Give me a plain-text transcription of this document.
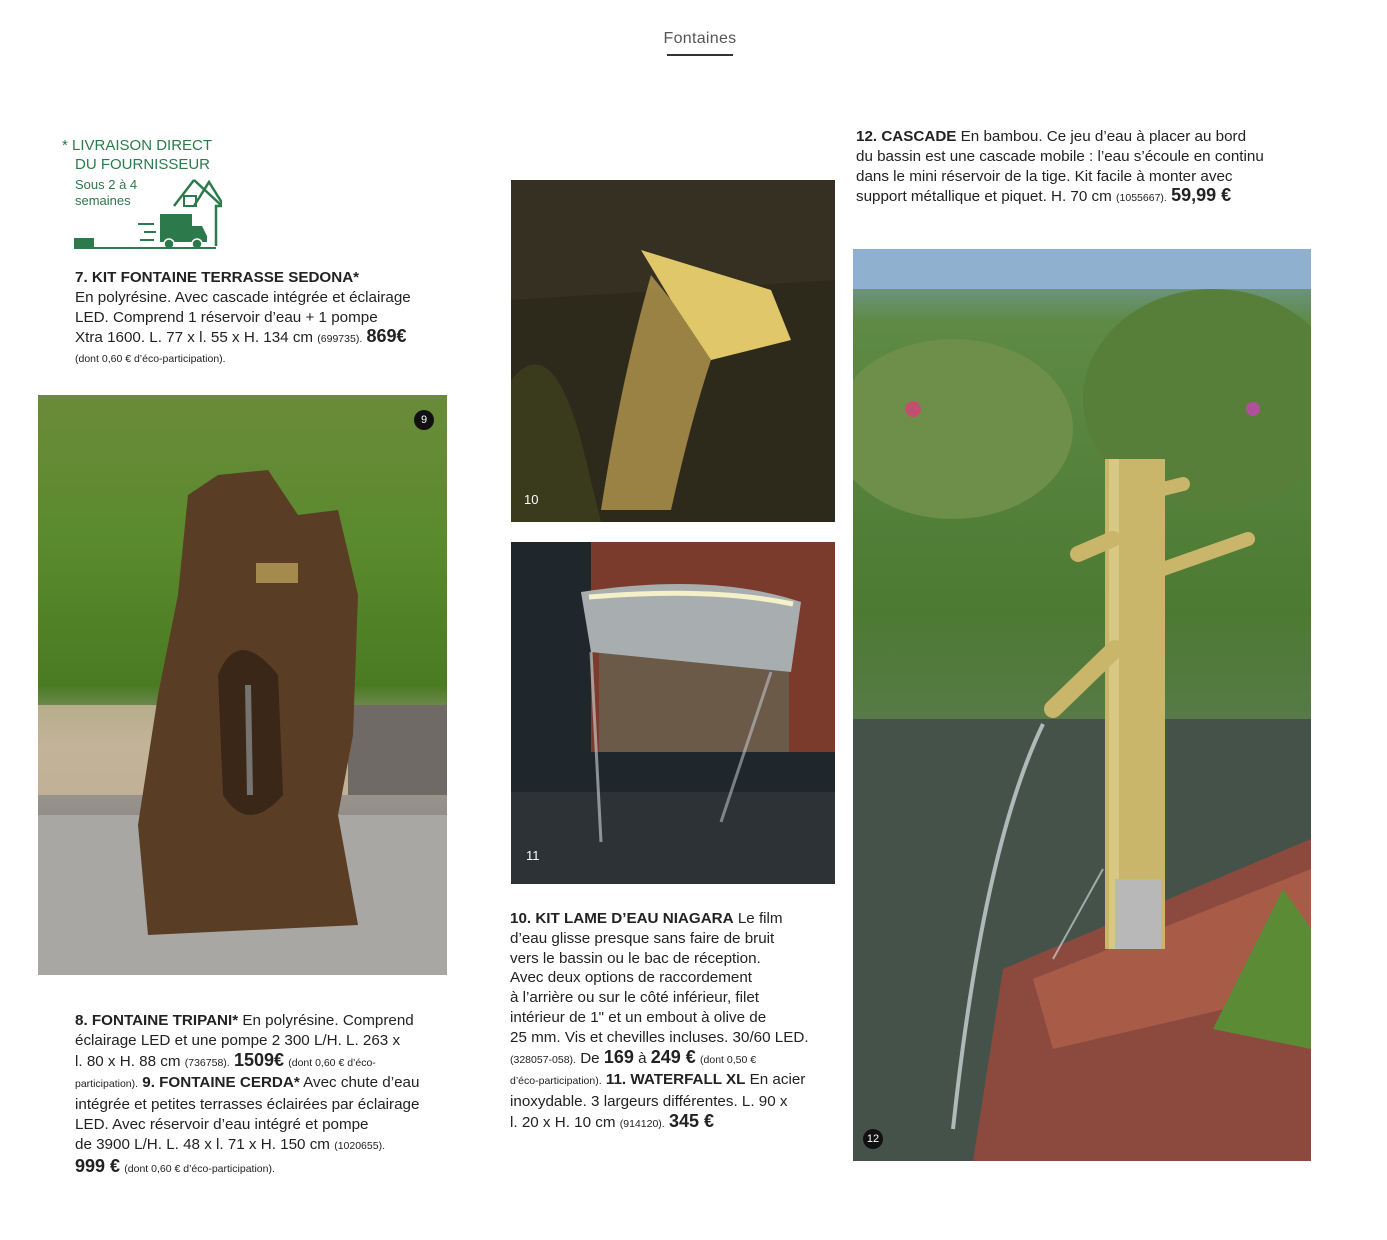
Fontaines
* LIVRAISON DIRECT
DU FOURNISSEUR
Sous 2 à 4
semaines
7. KIT FONTAINE TERRASSE SEDONA*
En polyrésine. Avec cascade intégrée et éclairage
LED. Comprend 1 réservoir d’eau + 1 pompe
Xtra 1600. L. 77 x l. 55 x H. 134 cm (699735). 869€
(dont 0,60 € d’éco-participation).
9
10
11
10. KIT LAME D’EAU NIAGARA Le film
d’eau glisse presque sans faire de bruit
vers le bassin ou le bac de réception.
Avec deux options de raccordement
à l’arrière ou sur le côté inférieur, filet
intérieur de 1" et un embout à olive de
25 mm. Vis et chevilles incluses. 30/60 LED.
(328057-058). De 169 à 249 € (dont 0,50 €
d’éco-participation). 11. WATERFALL XL En acier
inoxydable. 3 largeurs différentes. L. 90 x
l. 20 x H. 10 cm (914120). 345 €
8. FONTAINE TRIPANI* En polyrésine. Comprend
éclairage LED et une pompe 2 300 L/H. L. 263 x
l. 80 x H. 88 cm (736758). 1509€ (dont 0,60 € d’éco-
participation). 9. FONTAINE CERDA* Avec chute d’eau
intégrée et petites terrasses éclairées par éclairage
LED. Avec réservoir d’eau intégré et pompe
de 3900 L/H. L. 48 x l. 71 x H. 150 cm (1020655).
999 € (dont 0,60 € d’éco-participation).
12. CASCADE En bambou. Ce jeu d’eau à placer au bord
du bassin est une cascade mobile : l’eau s’écoule en continu
dans le mini réservoir de la tige. Kit facile à monter avec
support métallique et piquet. H. 70 cm (1055667). 59,99 €
12
